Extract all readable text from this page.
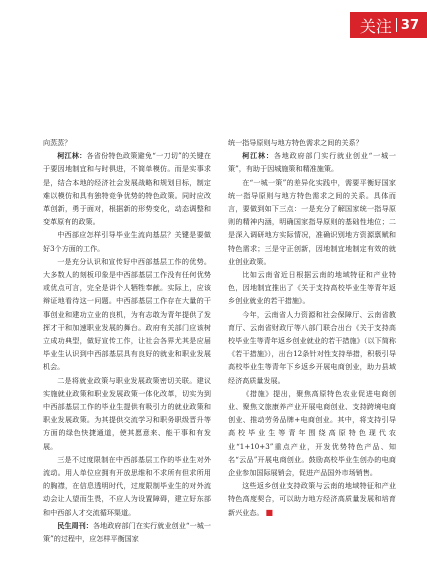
关注 37

向蒸蒸？

柯江林：各省份特色政策避免“一刀切”的关键在于要因地制宜和与时俱进，不简单模仿。而是实事求是，结合本地的经济社会发展战略和规划目标，制定难以模仿和具有独特竞争优势的特色政策。同时应改革创新，勇于面对，根据新的形势变化，动态调整和变革原有的政策。

中西部应怎样引导毕业生流向基层？关键是要做好3个方面的工作。

一是充分认识和宣传好中西部基层工作的优势。大多数人的刻板印象是中西部基层工作没有任何优势或优点可言，完全是讲个人牺牲奉献。实际上，应该辩证地看待这一问题。中西部基层工作存在大量的干事创业和建功立业的良机，为有志敢为青年提供了发挥才干和加速职业发展的舞台。政府有关部门应该树立成功典型，做好宣传工作，让社会各界尤其是应届毕业生认识到中西部基层具有良好的就业和职业发展机会。

二是将就业政策与职业发展政策密切关联。建议实施就业政策和职业发展政策一体化改革，切实为到中西部基层工作的毕业生提供有吸引力的就业政策和职业发展政策。为其提供交流学习和职务职级晋升等方面的绿色快捷通道，使其愿意来、能干事和有发展。

三是不过度限制在中西部基层工作的毕业生对外流动。用人单位应拥有开放思维和不求所有但求所用的胸襟，在信息透明时代，过度限制毕业生的对外流动会让人望而生畏，不应人为设置障碍，建立好东部和中西部人才交流循环渠道。

民生周刊：各地政府部门在实行就业创业“一城一策”的过程中，应怎样平衡国家

统一指导原则与地方特色需求之间的关系？

柯江林：各地政府部门实行就业创业“一城一策”，有助于因城施策和精准施策。

在“一城一策”的差异化实践中，需要平衡好国家统一指导原则与地方特色需求之间的关系。具体而言，要做到如下三点：一是充分了解国家统一指导原则的精神内涵，明确国家指导原则的基础性地位；二是深入调研地方实际情况，准确识别地方资源禀赋和特色需求；三是守正创新，因地制宜地制定有效的就业创业政策。

比如云南省近日根据云南的地域特征和产业特色，因地制宜推出了《关于支持高校毕业生等青年返乡创业就业的若干措施》。

今年，云南省人力资源和社会保障厅、云南省教育厅、云南省财政厅等八部门联合出台《关于支持高校毕业生等青年返乡创业就业的若干措施》（以下简称《若干措施》），出台12条针对性支持举措，积极引导高校毕业生等青年下乡返乡开展电商创业，助力县域经济高质量发展。

《措施》提出，聚焦高原特色农业促进电商创业、聚焦文旅康养产业开展电商创业、支持跨境电商创业、推动劳务品牌+电商创业。其中，将支持引导高校毕业生等青年围绕高原特色现代农业“1+10+3”重点产业，开发优势特色产品、知名“云品”开展电商创业。鼓励高校毕业生创办的电商企业参加国际展销会，促进产品国外市场销售。

这些返乡创业支持政策与云南的地域特征和产业特色高度契合，可以助力地方经济高质量发展和培育新兴业态。 ■
